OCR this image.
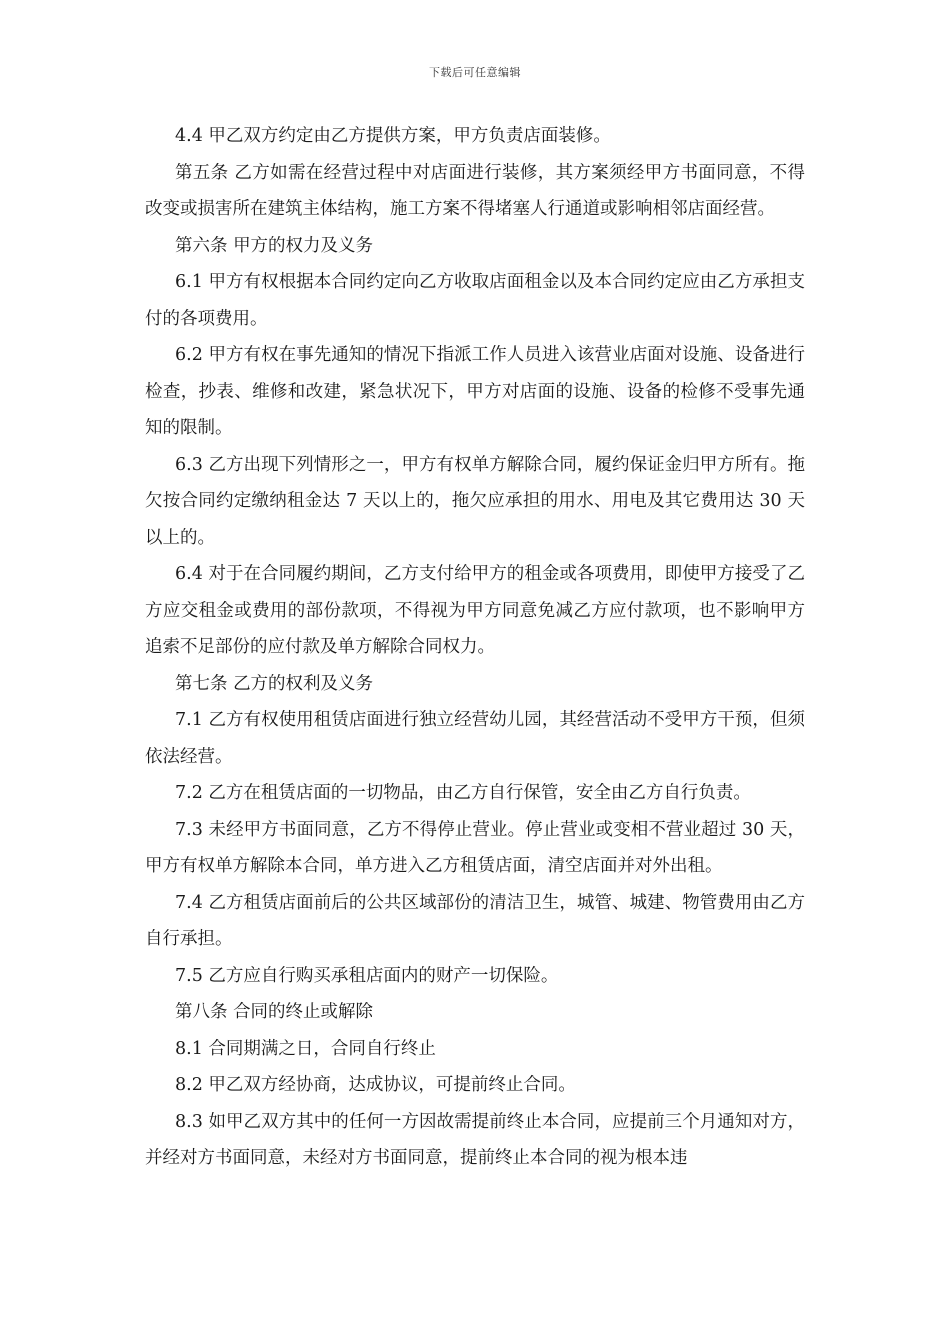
下载后可任意编辑

4.4 甲乙双方约定由乙方提供方案，甲方负责店面装修。

第五条 乙方如需在经营过程中对店面进行装修，其方案须经甲方书面同意，不得改变或损害所在建筑主体结构，施工方案不得堵塞人行通道或影响相邻店面经营。

第六条 甲方的权力及义务

6.1 甲方有权根据本合同约定向乙方收取店面租金以及本合同约定应由乙方承担支付的各项费用。

6.2 甲方有权在事先通知的情况下指派工作人员进入该营业店面对设施、设备进行检查，抄表、维修和改建，紧急状况下，甲方对店面的设施、设备的检修不受事先通知的限制。

6.3 乙方出现下列情形之一，甲方有权单方解除合同，履约保证金归甲方所有。拖欠按合同约定缴纳租金达 7 天以上的，拖欠应承担的用水、用电及其它费用达 30 天以上的。

6.4 对于在合同履约期间，乙方支付给甲方的租金或各项费用，即使甲方接受了乙方应交租金或费用的部份款项，不得视为甲方同意免减乙方应付款项，也不影响甲方追索不足部份的应付款及单方解除合同权力。

第七条 乙方的权利及义务

7.1 乙方有权使用租赁店面进行独立经营幼儿园，其经营活动不受甲方干预，但须依法经营。

7.2 乙方在租赁店面的一切物品，由乙方自行保管，安全由乙方自行负责。

7.3 未经甲方书面同意，乙方不得停止营业。停止营业或变相不营业超过 30 天，甲方有权单方解除本合同，单方进入乙方租赁店面，清空店面并对外出租。

7.4 乙方租赁店面前后的公共区域部份的清洁卫生，城管、城建、物管费用由乙方自行承担。

7.5 乙方应自行购买承租店面内的财产一切保险。

第八条 合同的终止或解除

8.1 合同期满之日，合同自行终止

8.2 甲乙双方经协商，达成协议，可提前终止合同。

8.3 如甲乙双方其中的任何一方因故需提前终止本合同，应提前三个月通知对方，并经对方书面同意，未经对方书面同意，提前终止本合同的视为根本违
